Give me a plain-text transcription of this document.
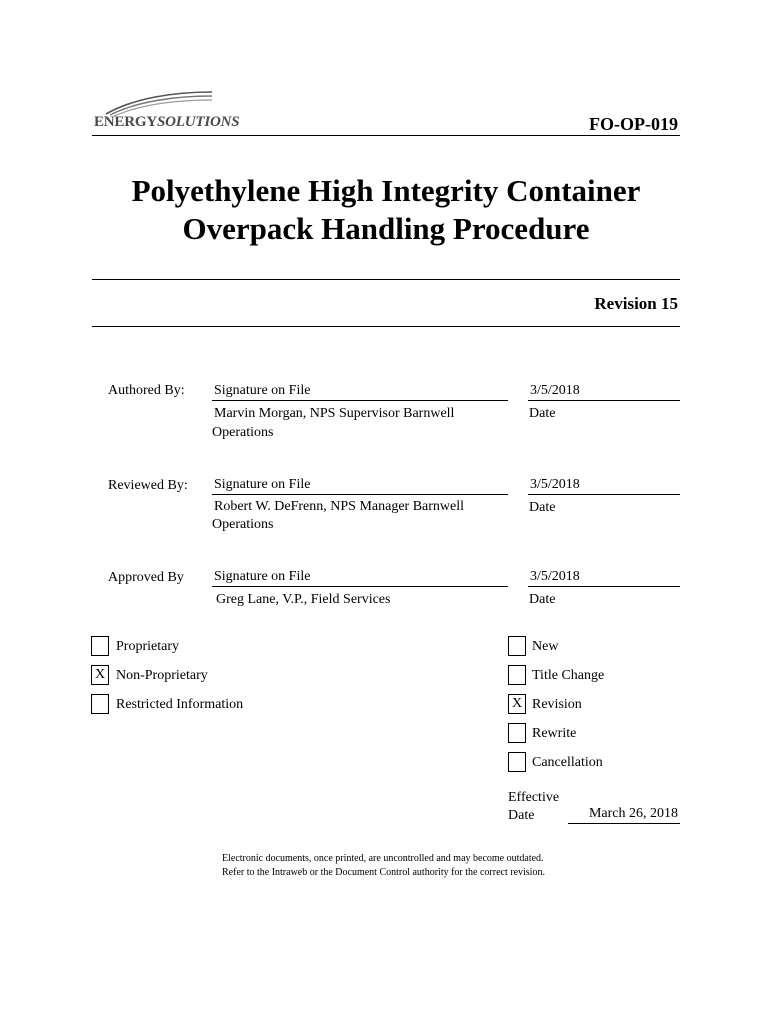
ENERGYSOLUTIONS	FO-OP-019
Polyethylene High Integrity Container
Overpack Handling Procedure
Revision 15
Authored By: Signature on File
Marvin Morgan, NPS Supervisor Barnwell
Operations
3/5/2018
Date
Reviewed By: Signature on File
Robert W. DeFrenn, NPS Manager Barnwell
Operations
3/5/2018
Date
Approved By Signature on File
Greg Lane, V.P., Field Services
3/5/2018
Date
Proprietary
X Non-Proprietary
Restricted Information
New
Title Change
X Revision
Rewrite
Cancellation
Effective
Date	March 26, 2018
Electronic documents, once printed, are uncontrolled and may become outdated.
Refer to the Intraweb or the Document Control authority for the correct revision.
